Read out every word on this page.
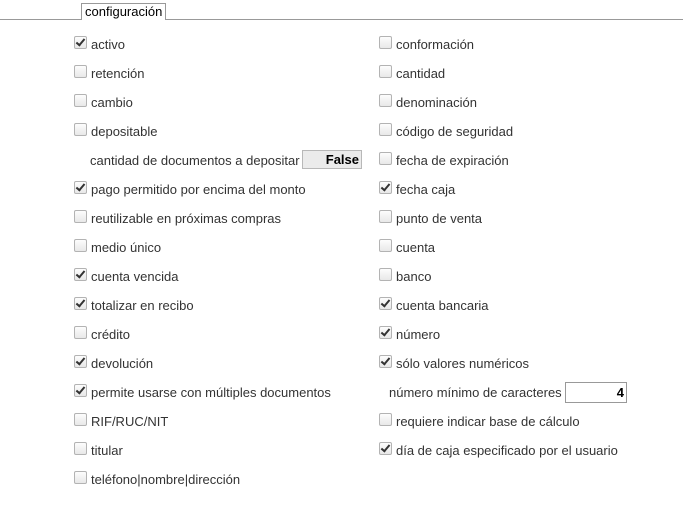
configuración
activo
retención
cambio
depositable
cantidad de documentos a depositar	False
pago permitido por encima del monto
reutilizable en próximas compras
medio único
cuenta vencida
totalizar en recibo
crédito
devolución
permite usarse con múltiples documentos
RIF/RUC/NIT
titular
teléfono|nombre|dirección
conformación
cantidad
denominación
código de seguridad
fecha de expiración
fecha caja
punto de venta
cuenta
banco
cuenta bancaria
número
sólo valores numéricos
número mínimo de caracteres	4
requiere indicar base de cálculo
día de caja especificado por el usuario
